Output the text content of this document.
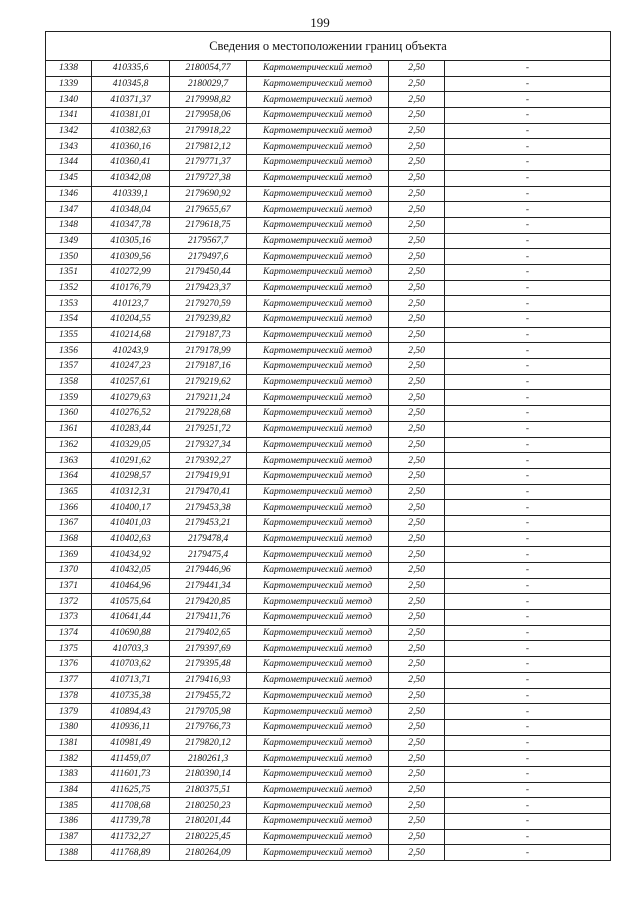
199
Сведения о местоположении границ объекта					
1338	410335,6	2180054,77	Картометрический метод	2,50	-
1339	410345,8	2180029,7	Картометрический метод	2,50	-
1340	410371,37	2179998,82	Картометрический метод	2,50	-
1341	410381,01	2179958,06	Картометрический метод	2,50	-
1342	410382,63	2179918,22	Картометрический метод	2,50	-
1343	410360,16	2179812,12	Картометрический метод	2,50	-
1344	410360,41	2179771,37	Картометрический метод	2,50	-
1345	410342,08	2179727,38	Картометрический метод	2,50	-
1346	410339,1	2179690,92	Картометрический метод	2,50	-
1347	410348,04	2179655,67	Картометрический метод	2,50	-
1348	410347,78	2179618,75	Картометрический метод	2,50	-
1349	410305,16	2179567,7	Картометрический метод	2,50	-
1350	410309,56	2179497,6	Картометрический метод	2,50	-
1351	410272,99	2179450,44	Картометрический метод	2,50	-
1352	410176,79	2179423,37	Картометрический метод	2,50	-
1353	410123,7	2179270,59	Картометрический метод	2,50	-
1354	410204,55	2179239,82	Картометрический метод	2,50	-
1355	410214,68	2179187,73	Картометрический метод	2,50	-
1356	410243,9	2179178,99	Картометрический метод	2,50	-
1357	410247,23	2179187,16	Картометрический метод	2,50	-
1358	410257,61	2179219,62	Картометрический метод	2,50	-
1359	410279,63	2179211,24	Картометрический метод	2,50	-
1360	410276,52	2179228,68	Картометрический метод	2,50	-
1361	410283,44	2179251,72	Картометрический метод	2,50	-
1362	410329,05	2179327,34	Картометрический метод	2,50	-
1363	410291,62	2179392,27	Картометрический метод	2,50	-
1364	410298,57	2179419,91	Картометрический метод	2,50	-
1365	410312,31	2179470,41	Картометрический метод	2,50	-
1366	410400,17	2179453,38	Картометрический метод	2,50	-
1367	410401,03	2179453,21	Картометрический метод	2,50	-
1368	410402,63	2179478,4	Картометрический метод	2,50	-
1369	410434,92	2179475,4	Картометрический метод	2,50	-
1370	410432,05	2179446,96	Картометрический метод	2,50	-
1371	410464,96	2179441,34	Картометрический метод	2,50	-
1372	410575,64	2179420,85	Картометрический метод	2,50	-
1373	410641,44	2179411,76	Картометрический метод	2,50	-
1374	410690,88	2179402,65	Картометрический метод	2,50	-
1375	410703,3	2179397,69	Картометрический метод	2,50	-
1376	410703,62	2179395,48	Картометрический метод	2,50	-
1377	410713,71	2179416,93	Картометрический метод	2,50	-
1378	410735,38	2179455,72	Картометрический метод	2,50	-
1379	410894,43	2179705,98	Картометрический метод	2,50	-
1380	410936,11	2179766,73	Картометрический метод	2,50	-
1381	410981,49	2179820,12	Картометрический метод	2,50	-
1382	411459,07	2180261,3	Картометрический метод	2,50	-
1383	411601,73	2180390,14	Картометрический метод	2,50	-
1384	411625,75	2180375,51	Картометрический метод	2,50	-
1385	411708,68	2180250,23	Картометрический метод	2,50	-
1386	411739,78	2180201,44	Картометрический метод	2,50	-
1387	411732,27	2180225,45	Картометрический метод	2,50	-
1388	411768,89	2180264,09	Картометрический метод	2,50	-
